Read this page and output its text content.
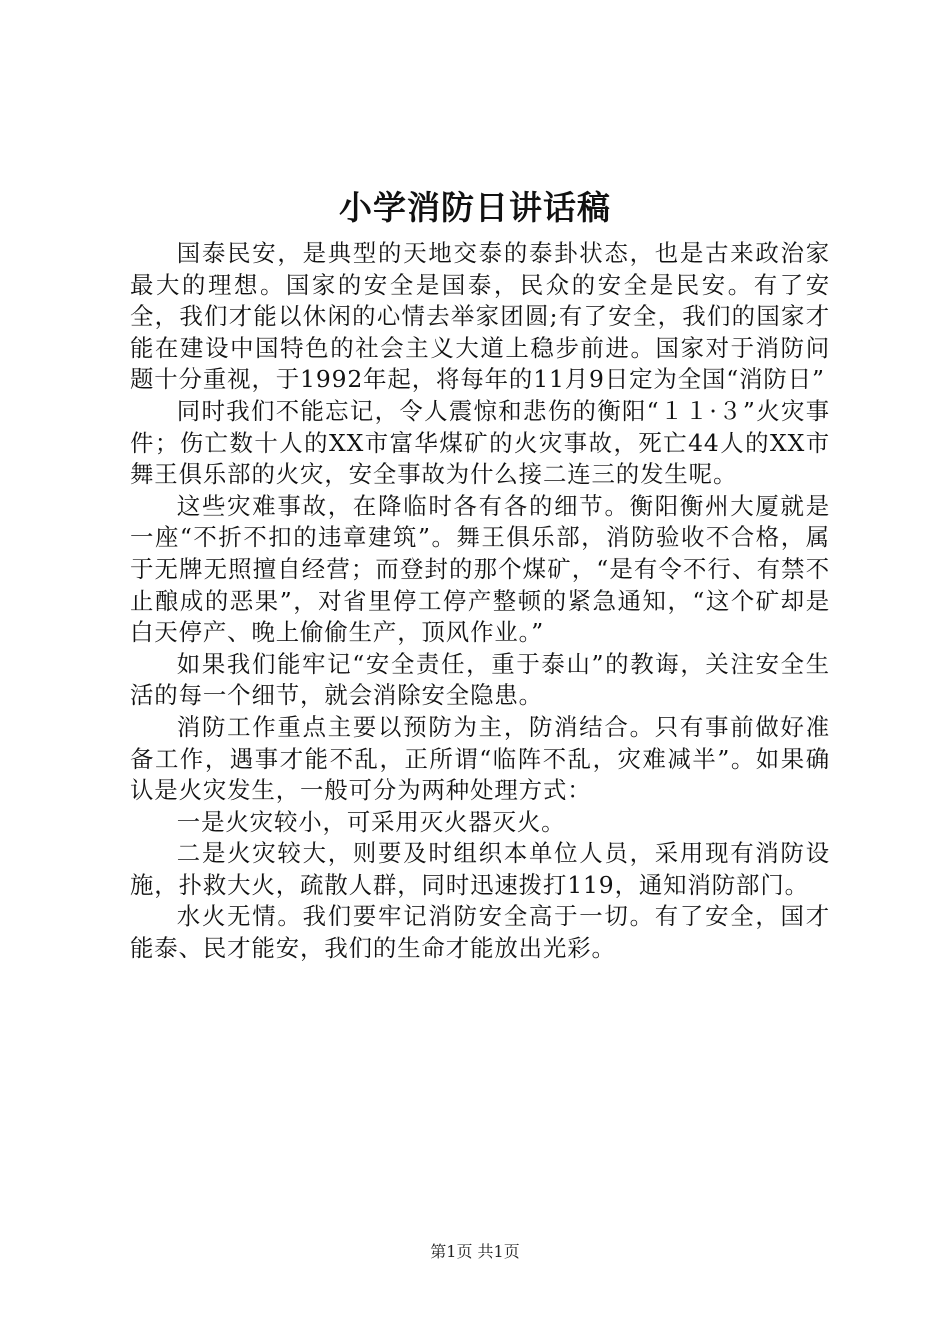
小学消防日讲话稿

国泰民安，是典型的天地交泰的泰卦状态，也是古来政治家最大的理想。国家的安全是国泰，民众的安全是民安。有了安全，我们才能以休闲的心情去举家团圆;有了安全，我们的国家才能在建设中国特色的社会主义大道上稳步前进。国家对于消防问题十分重视，于1992年起，将每年的11月9日定为全国“消防日”

同时我们不能忘记，令人震惊和悲伤的衡阳“１１·３”火灾事件；伤亡数十人的XX市富华煤矿的火灾事故，死亡44人的XX市舞王俱乐部的火灾，安全事故为什么接二连三的发生呢。

这些灾难事故，在降临时各有各的细节。衡阳衡州大厦就是一座“不折不扣的违章建筑”。舞王俱乐部，消防验收不合格，属于无牌无照擅自经营；而登封的那个煤矿，“是有令不行、有禁不止酿成的恶果”，对省里停工停产整顿的紧急通知，“这个矿却是白天停产、晚上偷偷生产，顶风作业。”

如果我们能牢记“安全责任，重于泰山”的教诲，关注安全生活的每一个细节，就会消除安全隐患。

消防工作重点主要以预防为主，防消结合。只有事前做好准备工作，遇事才能不乱，正所谓“临阵不乱，灾难减半”。如果确认是火灾发生，一般可分为两种处理方式：

一是火灾较小，可采用灭火器灭火。

二是火灾较大，则要及时组织本单位人员，采用现有消防设施，扑救大火，疏散人群，同时迅速拨打119，通知消防部门。

水火无情。我们要牢记消防安全高于一切。有了安全，国才能泰、民才能安，我们的生命才能放出光彩。

第1页 共1页
